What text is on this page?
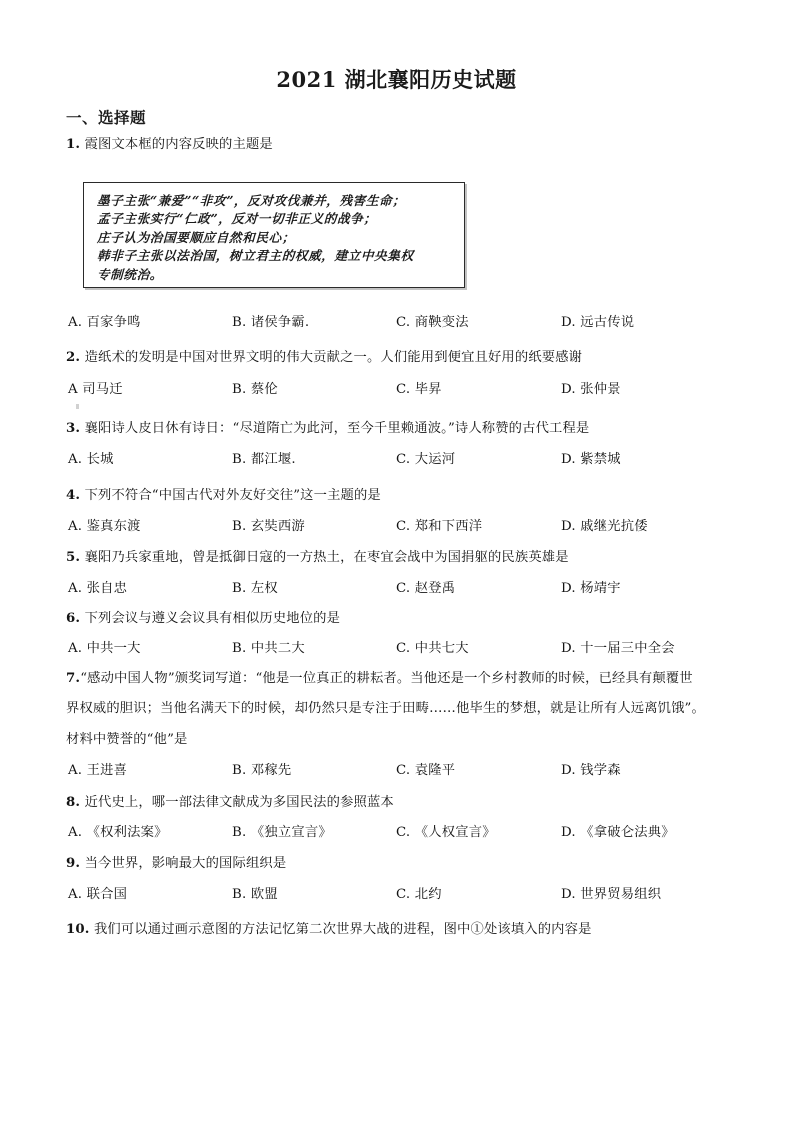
2021 湖北襄阳历史试题
一、选择题
1. 霞图文本框的内容反映的主题是
墨子主张“兼爱”“非攻”，反对攻伐兼并，残害生命；
孟子主张实行“仁政”，反对一切非正义的战争；
庄子认为治国要顺应自然和民心；
韩非子主张以法治国，树立君主的权威，建立中央集权
专制统治。
A. 百家争鸣	B. 诸侯争霸.	C. 商鞅变法	D. 远古传说
2. 造纸术的发明是中国对世界文明的伟大贡献之一。人们能用到便宜且好用的纸要感谢
A 司马迁	B. 蔡伦	C. 毕昇	D. 张仲景
3. 襄阳诗人皮日休有诗日：“尽道隋亡为此河，至今千里赖通波。”诗人称赞的古代工程是
A. 长城	B. 都江堰.	C. 大运河	D. 紫禁城
4. 下列不符合“中国古代对外友好交往”这一主题的是
A. 鉴真东渡	B. 玄奘西游	C. 郑和下西洋	D. 戚继光抗倭
5. 襄阳乃兵家重地，曾是抵御日寇的一方热土，在枣宜会战中为国捐躯的民族英雄是
A. 张自忠	B. 左权	C. 赵登禹	D. 杨靖宇
6. 下列会议与遵义会议具有相似历史地位的是
A. 中共一大	B. 中共二大	C. 中共七大	D. 十一届三中全会
7.“感动中国人物”颁奖词写道：“他是一位真正的耕耘者。当他还是一个乡村教师的时候，已经具有颠覆世
界权威的胆识；当他名满天下的时候，却仍然只是专注于田畴……他毕生的梦想，就是让所有人远离饥饿”。
材料中赞誉的“他”是
A. 王进喜	B. 邓稼先	C. 袁隆平	D. 钱学森
8. 近代史上，哪一部法律文献成为多国民法的参照蓝本
A. 《权利法案》	B. 《独立宣言》	C. 《人权宣言》	D. 《拿破仑法典》
9. 当今世界，影响最大的国际组织是
A. 联合国	B. 欧盟	C. 北约	D. 世界贸易组织
10. 我们可以通过画示意图的方法记忆第二次世界大战的进程，图中①处该填入的内容是
